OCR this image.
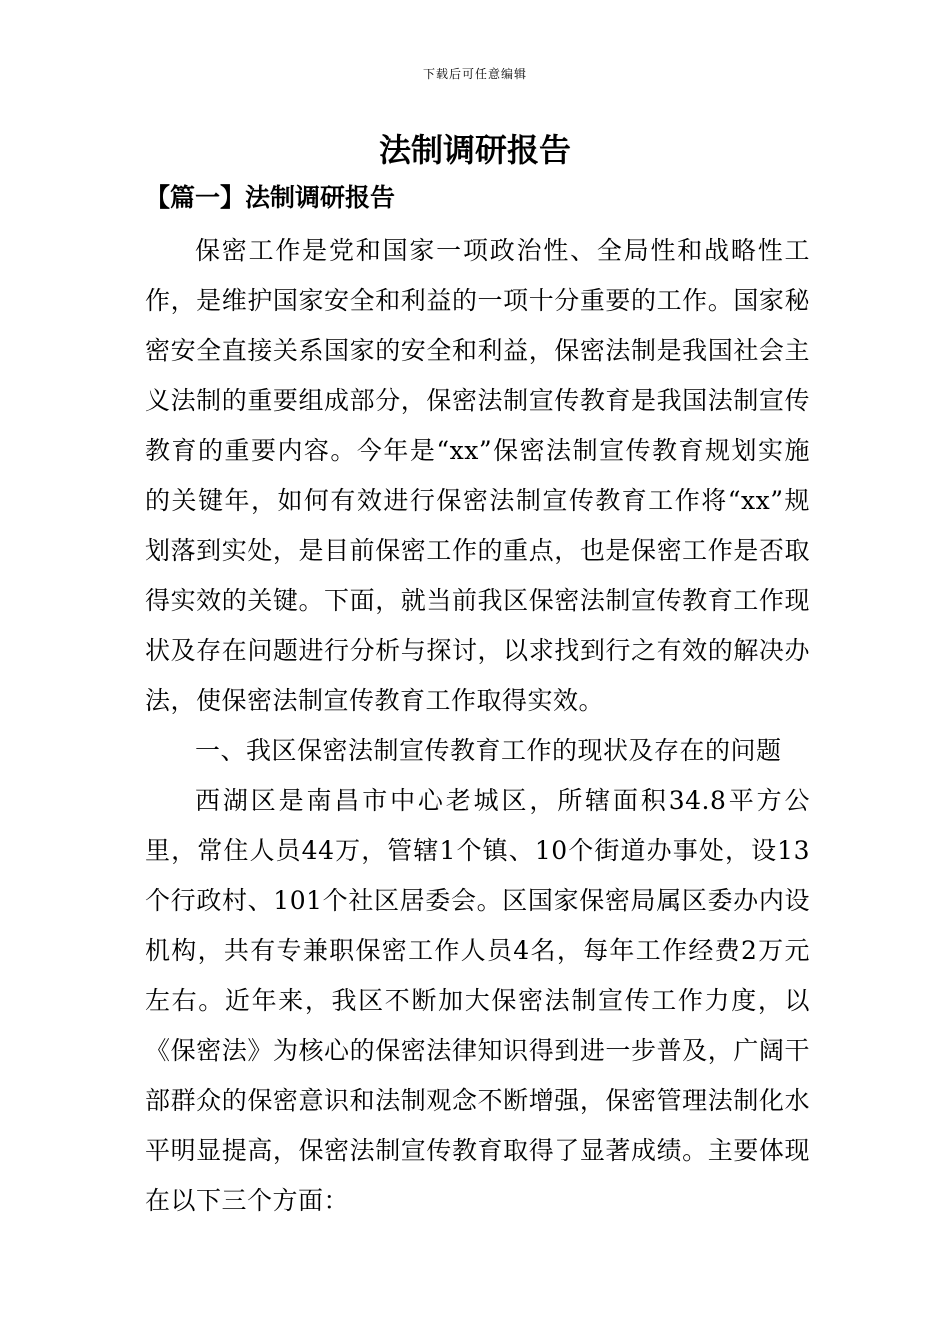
下载后可任意编辑
法制调研报告
【篇一】法制调研报告

保密工作是党和国家一项政治性、全局性和战略性工作，是维护国家安全和利益的一项十分重要的工作。国家秘密安全直接关系国家的安全和利益，保密法制是我国社会主义法制的重要组成部分，保密法制宣传教育是我国法制宣传教育的重要内容。今年是“xx”保密法制宣传教育规划实施的关键年，如何有效进行保密法制宣传教育工作将“xx”规划落到实处，是目前保密工作的重点，也是保密工作是否取得实效的关键。下面，就当前我区保密法制宣传教育工作现状及存在问题进行分析与探讨，以求找到行之有效的解决办法，使保密法制宣传教育工作取得实效。

一、我区保密法制宣传教育工作的现状及存在的问题

西湖区是南昌市中心老城区，所辖面积34.8平方公里，常住人员44万，管辖1个镇、10个街道办事处，设13个行政村、101个社区居委会。区国家保密局属区委办内设机构，共有专兼职保密工作人员4名，每年工作经费2万元左右。近年来，我区不断加大保密法制宣传工作力度，以《保密法》为核心的保密法律知识得到进一步普及，广阔干部群众的保密意识和法制观念不断增强，保密管理法制化水平明显提高，保密法制宣传教育取得了显著成绩。主要体现在以下三个方面：
